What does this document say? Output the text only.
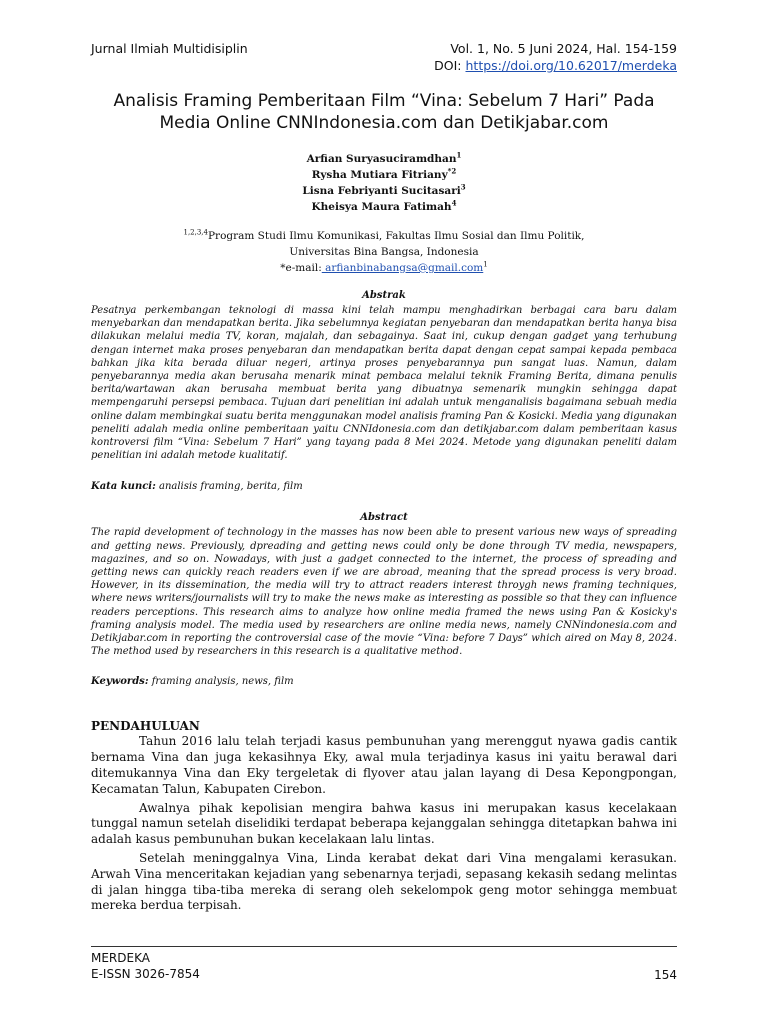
Jurnal Ilmiah Multidisiplin	Vol. 1, No. 5 Juni 2024, Hal. 154-159
DOI: https://doi.org/10.62017/merdeka
Analisis Framing Pemberitaan Film “Vina: Sebelum 7 Hari” Pada
Media Online CNNIndonesia.com dan Detikjabar.com
Arfian Suryasuciramdhan$^1$
Rysha Mutiara Fitriany$^{*2}$
Lisna Febriyanti Sucitasari$^3$
Kheisya Maura Fatimah$^4$
$^{1,2,3,4}$Program Studi Ilmu Komunikasi, Fakultas Ilmu Sosial dan Ilmu Politik,
Universitas Bina Bangsa, Indonesia
*e-mail: arfianbinabangsa@gmail.com$^1$
Abstrak

Pesatnya perkembangan teknologi di massa kini telah mampu menghadirkan berbagai cara baru dalam menyebarkan dan mendapatkan berita. Jika sebelumnya kegiatan penyebaran dan mendapatkan berita hanya bisa dilakukan melalui media TV, koran, majalah, dan sebagainya. Saat ini, cukup dengan gadget yang terhubung dengan internet maka proses penyebaran dan mendapatkan berita dapat dengan cepat sampai kepada pembaca bahkan jika kita berada diluar negeri, artinya proses penyebarannya pun sangat luas. Namun, dalam penyebarannya media akan berusaha menarik minat pembaca melalui teknik Framing Berita, dimana penulis berita/wartawan akan berusaha membuat berita yang dibuatnya semenarik mungkin sehingga dapat mempengaruhi persepsi pembaca. Tujuan dari penelitian ini adalah untuk menganalisis bagaimana sebuah media online dalam membingkai suatu berita menggunakan model analisis framing Pan & Kosicki. Media yang digunakan peneliti adalah media online pemberitaan yaitu CNNIdonesia.com dan detikjabar.com dalam pemberitaan kasus kontroversi film “Vina: Sebelum 7 Hari” yang tayang pada 8 Mei 2024. Metode yang digunakan peneliti dalam penelitian ini adalah metode kualitatif.

Kata kunci: analisis framing, berita, film
Abstract

The rapid development of technology in the masses has now been able to present various new ways of spreading and getting news. Previously, dpreading and getting news could only be done through TV media, newspapers, magazines, and so on. Nowadays, with just a gadget connected to the internet, the process of spreading and getting news can quickly reach readers even if we are abroad, meaning that the spread process is very broad. However, in its dissemination, the media will try to attract readers interest throygh news framing techniques, where news writers/journalists will try to make the news make as interesting as possible so that they can influence readers perceptions. This research aims to analyze how online media framed the news using Pan & Kosicky's framing analysis model. The media used by researchers are online media news, namely CNNindonesia.com and Detikjabar.com in reporting the controversial case of the movie “Vina: before 7 Days” which aired on May 8, 2024. The method used by researchers in this research is a qualitative method.

Keywords: framing analysis, news, film
PENDAHULUAN

Tahun 2016 lalu telah terjadi kasus pembunuhan yang merenggut nyawa gadis cantik bernama Vina dan juga kekasihnya Eky, awal mula terjadinya kasus ini yaitu berawal dari ditemukannya Vina dan Eky tergeletak di flyover atau jalan layang di Desa Kepongpongan, Kecamatan Talun, Kabupaten Cirebon.

Awalnya pihak kepolisian mengira bahwa kasus ini merupakan kasus kecelakaan tunggal namun setelah diselidiki terdapat beberapa kejanggalan sehingga ditetapkan bahwa ini adalah kasus pembunuhan bukan kecelakaan lalu lintas.

Setelah meninggalnya Vina, Linda kerabat dekat dari Vina mengalami kerasukan. Arwah Vina menceritakan kejadian yang sebenarnya terjadi, sepasang kekasih sedang melintas di jalan hingga tiba-tiba mereka di serang oleh sekelompok geng motor sehingga membuat mereka berdua terpisah.

MERDEKA
E-ISSN 3026-7854	154
